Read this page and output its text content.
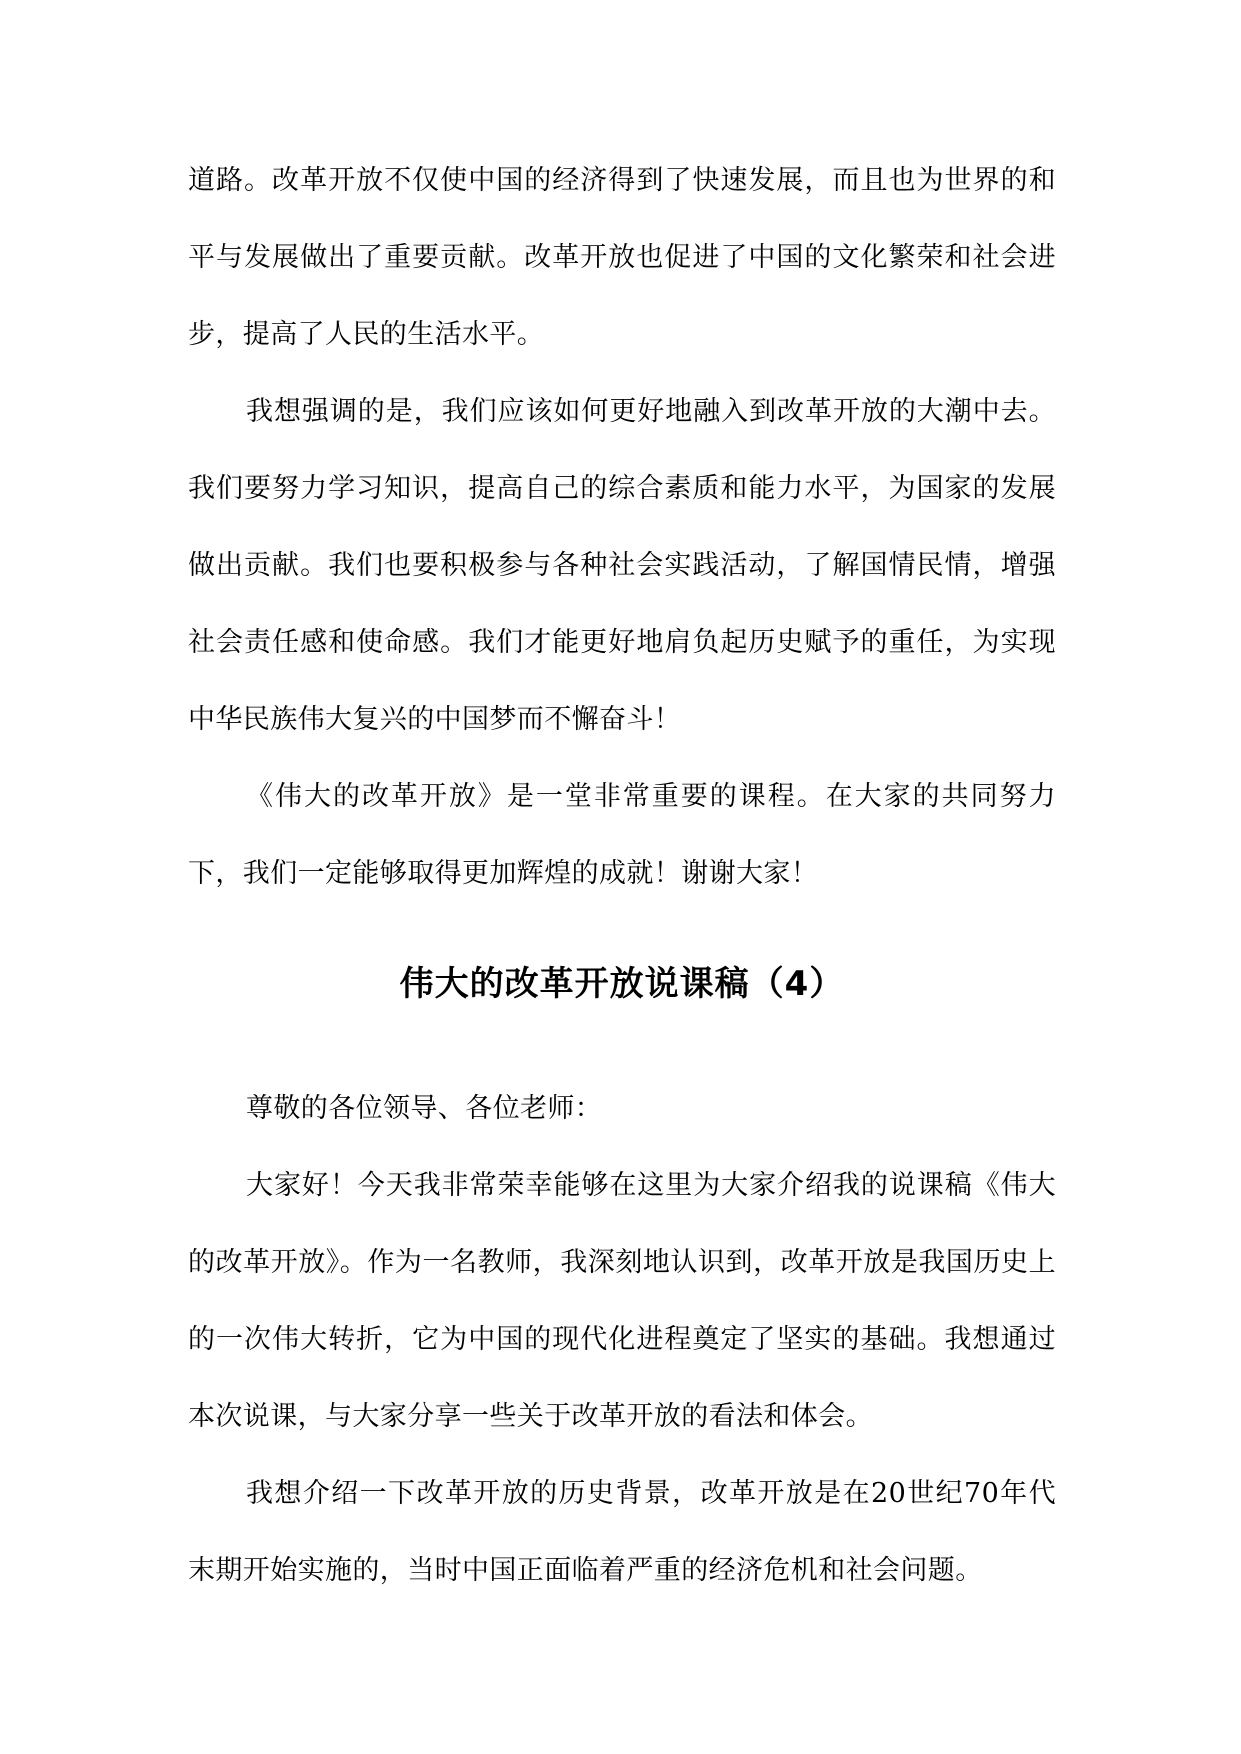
道路。改革开放不仅使中国的经济得到了快速发展，而且也为世界的和平与发展做出了重要贡献。改革开放也促进了中国的文化繁荣和社会进步，提高了人民的生活水平。

我想强调的是，我们应该如何更好地融入到改革开放的大潮中去。我们要努力学习知识，提高自己的综合素质和能力水平，为国家的发展做出贡献。我们也要积极参与各种社会实践活动，了解国情民情，增强社会责任感和使命感。我们才能更好地肩负起历史赋予的重任，为实现中华民族伟大复兴的中国梦而不懈奋斗！

《伟大的改革开放》是一堂非常重要的课程。在大家的共同努力下，我们一定能够取得更加辉煌的成就！谢谢大家！

伟大的改革开放说课稿（4）

尊敬的各位领导、各位老师：

大家好！今天我非常荣幸能够在这里为大家介绍我的说课稿《伟大的改革开放》。作为一名教师，我深刻地认识到，改革开放是我国历史上的一次伟大转折，它为中国的现代化进程奠定了坚实的基础。我想通过本次说课，与大家分享一些关于改革开放的看法和体会。

我想介绍一下改革开放的历史背景，改革开放是在20世纪70年代末期开始实施的，当时中国正面临着严重的经济危机和社会问题。
